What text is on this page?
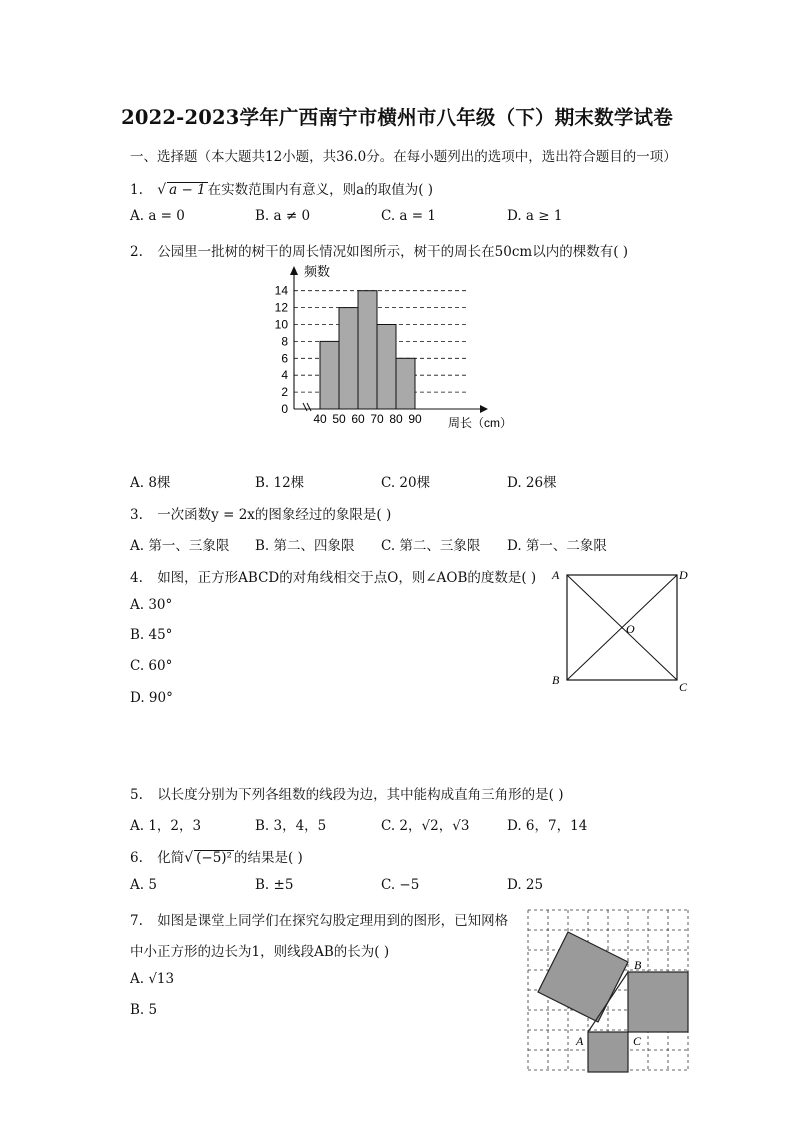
2022-2023学年广西南宁市横州市八年级（下）期末数学试卷
一、选择题（本大题共12小题，共36.0分。在每小题列出的选项中，选出符合题目的一项）
1. √ a − 1 在实数范围内有意义，则a的取值为( )
A. a = 0	B. a ≠ 0	C. a = 1	D. a ≥ 1
2. 公园里一批树的树干的周长情况如图所示，树干的周长在50cm以内的棵数有( )
0
2
4
6
8
10
12
14
40 50 60 70 80 90
频数
周长（cm）
A. 8棵	B. 12棵	C. 20棵	D. 26棵
3. 一次函数y = 2x的图象经过的象限是( )
A. 第一、三象限 B. 第二、四象限 C. 第二、三象限 D. 第一、二象限
4. 如图，正方形ABCD的对角线相交于点O，则∠AOB的度数是( )
A. 30°
B. 45°
C. 60°
D. 90°
A	D
B	C
O
5. 以长度分别为下列各组数的线段为边，其中能构成直角三角形的是( )
A. 1，2，3	B. 3，4，5	C. 2，√2，√3	D. 6，7，14
6. 化简√ (−5)² 的结果是( )
A. 5	B. ±5	C. −5	D. 25
7. 如图是课堂上同学们在探究勾股定理用到的图形，已知网格
中小正方形的边长为1，则线段AB的长为( )
A. √13
B. 5
A
B
C
